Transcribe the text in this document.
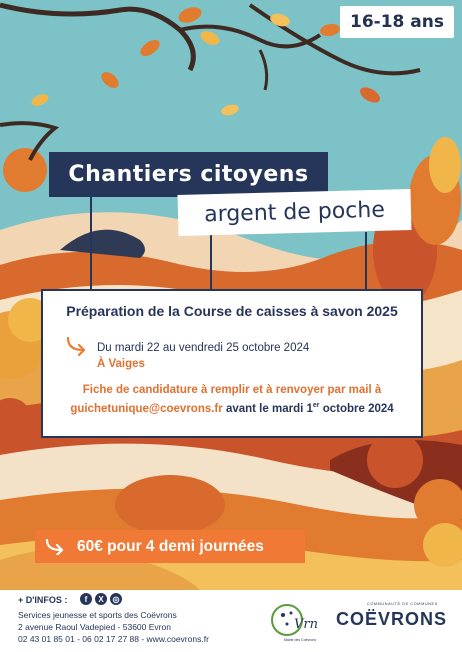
16-18 ans
Chantiers citoyens
argent de poche
Préparation de la Course de caisses à savon 2025
Du mardi 22 au vendredi 25 octobre 2024
À Vaiges
Fiche de candidature à remplir et à renvoyer par mail à
guichetunique@coevrons.fr avant le mardi 1er octobre 2024
60€ pour 4 demi journées
+ D'INFOS :	f	X	◎
Services jeunesse et sports des Coëvrons
2 avenue Raoul Vadepied - 53600 Evron
02 43 01 85 01 - 06 02 17 27 88 - www.coevrons.fr
Vrn
Mairie des Coëvrons
COMMUNAUTÉ DE COMMUNES
COËVRONS
